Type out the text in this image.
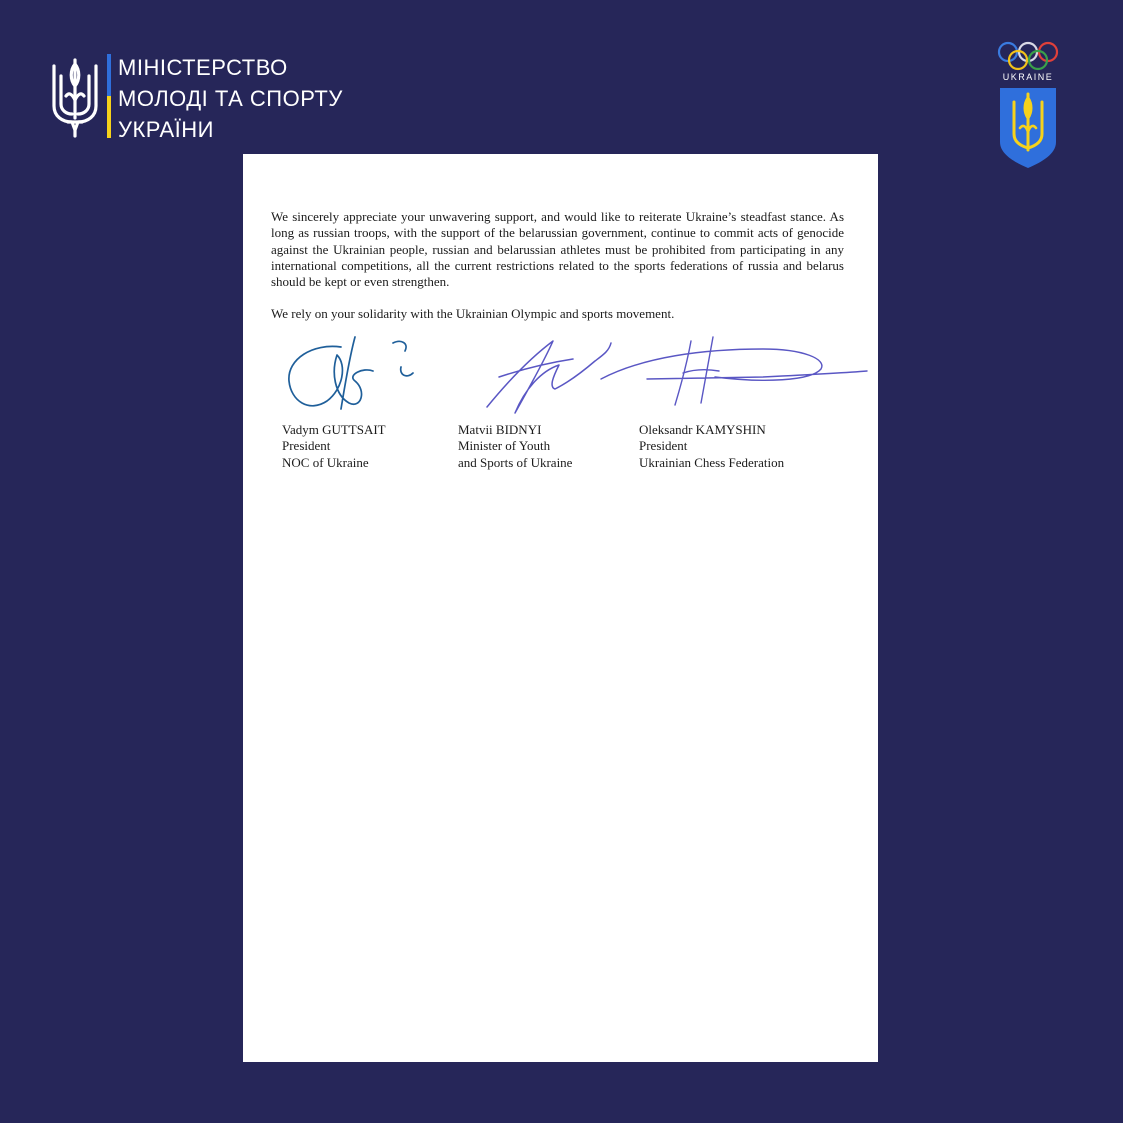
МІНІСТЕРСТВО
МОЛОДІ ТА СПОРТУ
УКРАЇНИ
UKRAINE

We sincerely appreciate your unwavering support, and would like to reiterate Ukraine’s steadfast stance. As long as russian troops, with the support of the belarussian government, continue to commit acts of genocide against the Ukrainian people, russian and belarussian athletes must be prohibited from participating in any international competitions, all the current restrictions related to the sports federations of russia and belarus should be kept or even strengthen.

We rely on your solidarity with the Ukrainian Olympic and sports movement.

Vadym GUTTSAIT
President
NOC of Ukraine
Matvii BIDNYI
Minister of Youth
and Sports of Ukraine
Oleksandr KAMYSHIN
President
Ukrainian Chess Federation
